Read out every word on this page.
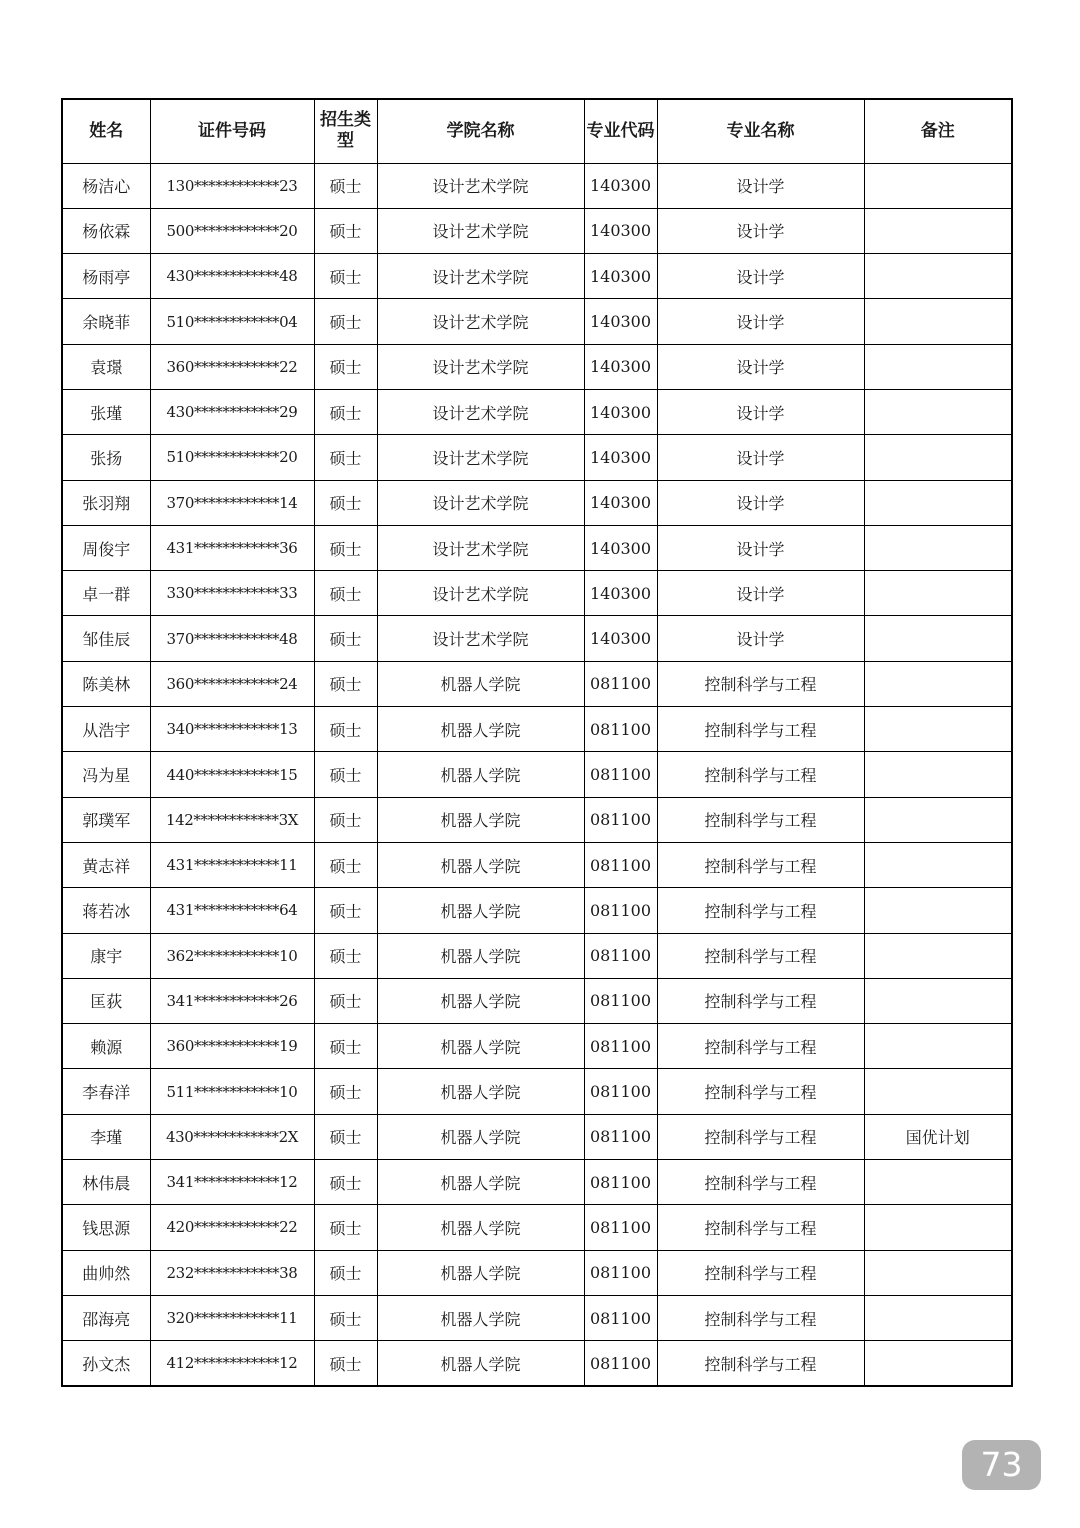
姓名	证件号码	招生类型	学院名称	专业代码	专业名称	备注
杨洁心	130************23	硕士	设计艺术学院	140300	设计学	
杨依霖	500************20	硕士	设计艺术学院	140300	设计学	
杨雨亭	430************48	硕士	设计艺术学院	140300	设计学	
余晓菲	510************04	硕士	设计艺术学院	140300	设计学	
袁璟	360************22	硕士	设计艺术学院	140300	设计学	
张瑾	430************29	硕士	设计艺术学院	140300	设计学	
张扬	510************20	硕士	设计艺术学院	140300	设计学	
张羽翔	370************14	硕士	设计艺术学院	140300	设计学	
周俊宇	431************36	硕士	设计艺术学院	140300	设计学	
卓一群	330************33	硕士	设计艺术学院	140300	设计学	
邹佳辰	370************48	硕士	设计艺术学院	140300	设计学	
陈美林	360************24	硕士	机器人学院	081100	控制科学与工程	
从浩宇	340************13	硕士	机器人学院	081100	控制科学与工程	
冯为星	440************15	硕士	机器人学院	081100	控制科学与工程	
郭璞军	142************3X	硕士	机器人学院	081100	控制科学与工程	
黄志祥	431************11	硕士	机器人学院	081100	控制科学与工程	
蒋若冰	431************64	硕士	机器人学院	081100	控制科学与工程	
康宇	362************10	硕士	机器人学院	081100	控制科学与工程	
匡荻	341************26	硕士	机器人学院	081100	控制科学与工程	
赖源	360************19	硕士	机器人学院	081100	控制科学与工程	
李春洋	511************10	硕士	机器人学院	081100	控制科学与工程	
李瑾	430************2X	硕士	机器人学院	081100	控制科学与工程	国优计划
林伟晨	341************12	硕士	机器人学院	081100	控制科学与工程	
钱思源	420************22	硕士	机器人学院	081100	控制科学与工程	
曲帅然	232************38	硕士	机器人学院	081100	控制科学与工程	
邵海亮	320************11	硕士	机器人学院	081100	控制科学与工程	
孙文杰	412************12	硕士	机器人学院	081100	控制科学与工程	
73
